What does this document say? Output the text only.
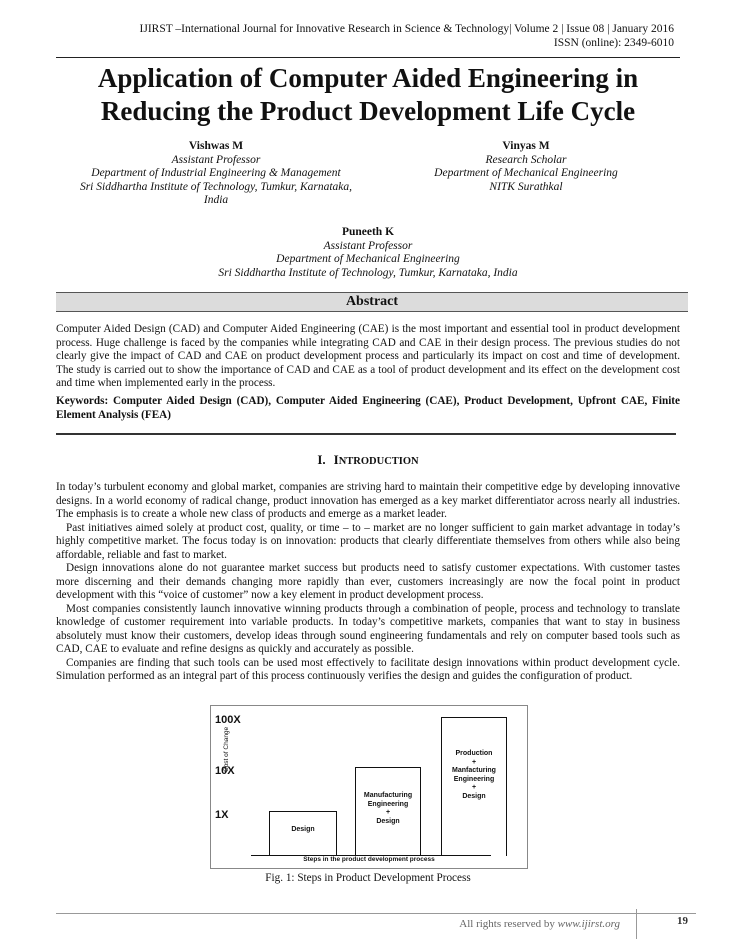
IJIRST –International Journal for Innovative Research in Science & Technology| Volume 2 | Issue 08 | January 2016
ISSN (online): 2349-6010
Application of Computer Aided Engineering in
Reducing the Product Development Life Cycle
Vishwas M
Assistant Professor
Department of Industrial Engineering & Management
Sri Siddhartha Institute of Technology, Tumkur, Karnataka,
India
Vinyas M
Research Scholar
Department of Mechanical Engineering
NITK Surathkal
Puneeth K
Assistant Professor
Department of Mechanical Engineering
Sri Siddhartha Institute of Technology, Tumkur, Karnataka, India
Abstract
Computer Aided Design (CAD) and Computer Aided Engineering (CAE) is the most important and essential tool in product development process. Huge challenge is faced by the companies while integrating CAD and CAE in their design process. The previous studies do not clearly give the impact of CAD and CAE on product development process and particularly its impact on cost and time of development. The study is carried out to show the importance of CAD and CAE as a tool of product development and its effect on the development cost and time when implemented early in the process.
Keywords: Computer Aided Design (CAD), Computer Aided Engineering (CAE), Product Development, Upfront CAE, Finite Element Analysis (FEA)
I. INTRODUCTION

In today’s turbulent economy and global market, companies are striving hard to maintain their competitive edge by developing innovative designs. In a world economy of radical change, product innovation has emerged as a key market differentiator across nearly all industries. The emphasis is to create a whole new class of products and emerge as a market leader.

Past initiatives aimed solely at product cost, quality, or time – to – market are no longer sufficient to gain market advantage in today’s highly competitive market. The focus today is on innovation: products that clearly differentiate themselves from others while also being affordable, reliable and fast to market.

Design innovations alone do not guarantee market success but products need to satisfy customer expectations. With customer tastes more discerning and their demands changing more rapidly than ever, customers increasingly are now the focal point in product development with this “voice of customer” now a key element in product development process.

Most companies consistently launch innovative winning products through a combination of people, process and technology to translate knowledge of customer requirement into variable products. In today’s competitive markets, companies that want to stay in business absolutely must know their customers, develop ideas through sound engineering fundamentals and rely on computer based tools such as CAD, CAE to evaluate and refine designs as quickly and accurately as possible.

Companies are finding that such tools can be used most effectively to facilitate design innovations within product development cycle. Simulation performed as an integral part of this process continuously verifies the design and guides the configuration of product.

100X
10X
1X
Cost of Change
Design
Manufacturing
Engineering
+
Design
Production
+
Manfacturing
Engineering
+
Design
Steps in the product development process
Fig. 1: Steps in Product Development Process
All rights reserved by www.ijirst.org	19
